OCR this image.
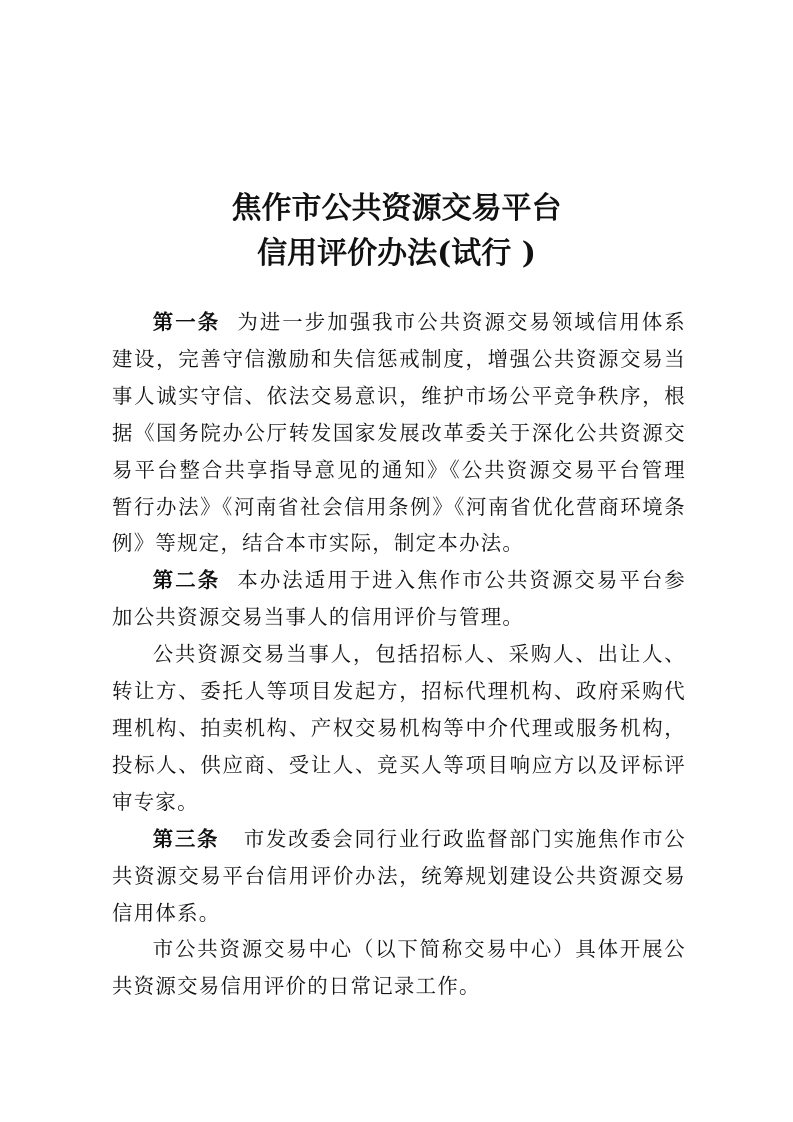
焦作市公共资源交易平台
信用评价办法(试行 )

第一条 为进一步加强我市公共资源交易领域信用体系建设，完善守信激励和失信惩戒制度，增强公共资源交易当事人诚实守信、依法交易意识，维护市场公平竞争秩序，根据《国务院办公厅转发国家发展改革委关于深化公共资源交易平台整合共享指导意见的通知》《公共资源交易平台管理暂行办法》《河南省社会信用条例》《河南省优化营商环境条例》等规定，结合本市实际，制定本办法。

第二条 本办法适用于进入焦作市公共资源交易平台参加公共资源交易当事人的信用评价与管理。

公共资源交易当事人，包括招标人、采购人、出让人、转让方、委托人等项目发起方，招标代理机构、政府采购代理机构、拍卖机构、产权交易机构等中介代理或服务机构，投标人、供应商、受让人、竞买人等项目响应方以及评标评审专家。

第三条 市发改委会同行业行政监督部门实施焦作市公共资源交易平台信用评价办法，统筹规划建设公共资源交易信用体系。

市公共资源交易中心（以下简称交易中心）具体开展公共资源交易信用评价的日常记录工作。
